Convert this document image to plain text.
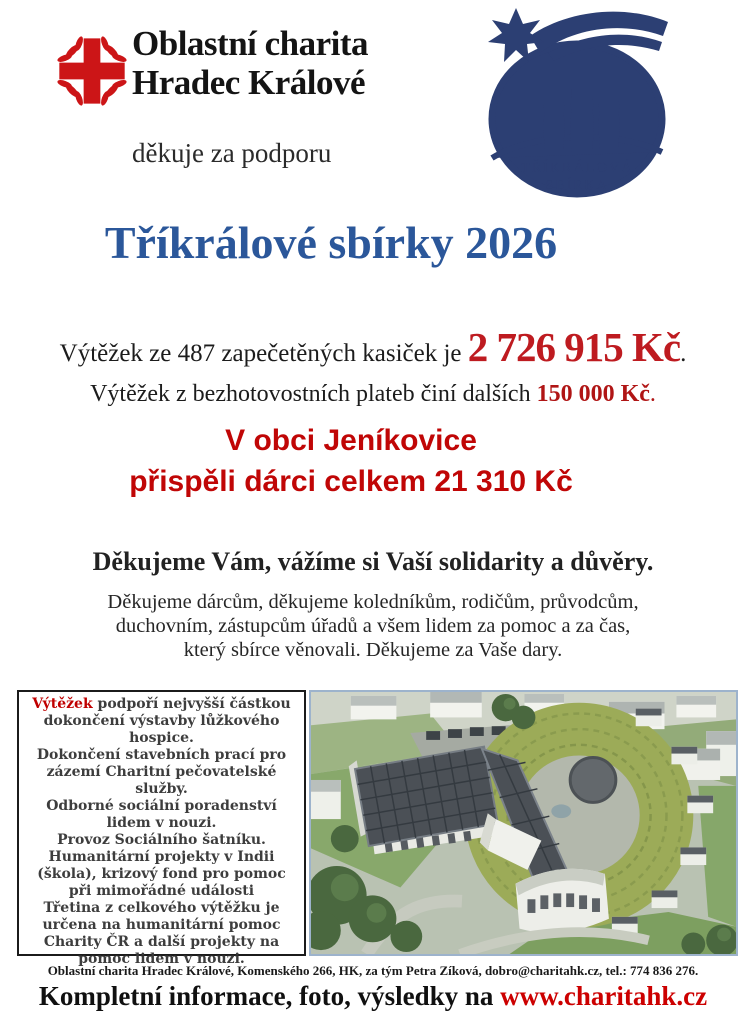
Oblastní charita
Hradec Králové
děkuje za podporu	TŘÍKRÁLOVÁ
SBÍRKA
Tříkrálové sbírky 2026
Výtěžek ze 487 zapečetěných kasiček je 2 726 915 Kč.
Výtěžek z bezhotovostních plateb činí dalších 150 000 Kč.
V obci Jeníkovice
přispěli dárci celkem 21 310 Kč
Děkujeme Vám, vážíme si Vaší solidarity a důvěry.
Děkujeme dárcům, děkujeme koledníkům, rodičům, průvodcům,
duchovním, zástupcům úřadů a všem lidem za pomoc a za čas,
který sbírce věnovali. Děkujeme za Vaše dary.
Výtěžek podpoří nejvyšší částkou dokončení výstavby lůžkového hospice.
Dokončení stavebních prací pro zázemí Charitní pečovatelské služby.
Odborné sociální poradenství lidem v nouzi.
Provoz Sociálního šatníku.
Humanitární projekty v Indii (škola), krizový fond pro pomoc při mimořádné události
Třetina z celkového výtěžku je určena na humanitární pomoc Charity ČR a další projekty na pomoc lidem v nouzi.
Oblastní charita Hradec Králové, Komenského 266, HK, za tým Petra Zíková, dobro@charitahk.cz, tel.: 774 836 276.
Kompletní informace, foto, výsledky na www.charitahk.cz
